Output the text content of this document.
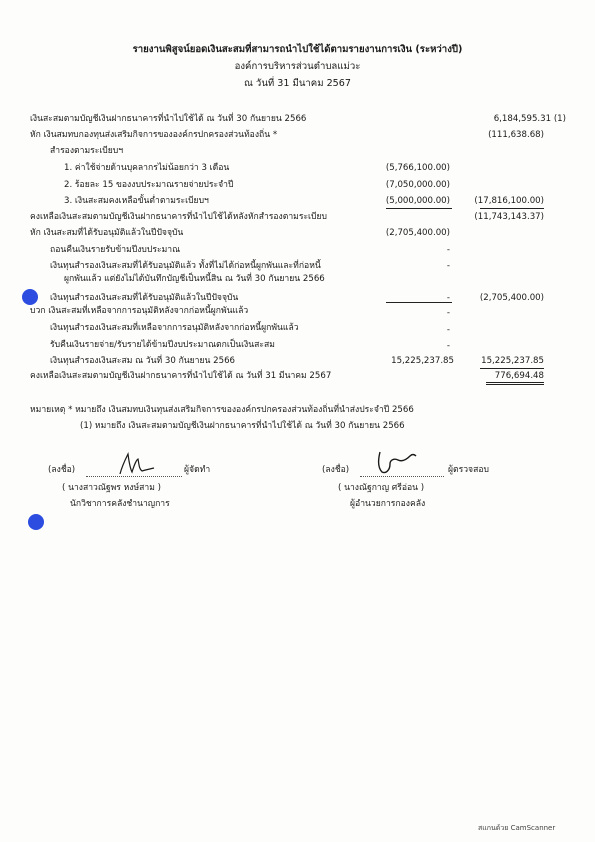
รายงานพิสูจน์ยอดเงินสะสมที่สามารถนำไปใช้ได้ตามรายงานการเงิน (ระหว่างปี)
องค์การบริหารส่วนตำบลแม่วะ
ณ วันที่ 31 มีนาคม 2567
เงินสะสมตามบัญชีเงินฝากธนาคารที่นำไปใช้ได้ ณ วันที่ 30 กันยายน 2566	6,184,595.31 (1)
หัก เงินสมทบกองทุนส่งเสริมกิจการขององค์กรปกครองส่วนท้องถิ่น *	(111,638.68)
สำรองตามระเบียบฯ
1. ค่าใช้จ่ายด้านบุคลากรไม่น้อยกว่า 3 เดือน	(5,766,100.00)
2. ร้อยละ 15 ของงบประมาณรายจ่ายประจำปี	(7,050,000.00)
3. เงินสะสมคงเหลือขั้นต่ำตามระเบียบฯ	(5,000,000.00)	(17,816,100.00)
คงเหลือเงินสะสมตามบัญชีเงินฝากธนาคารที่นำไปใช้ได้หลังหักสำรองตามระเบียบ	(11,743,143.37)
หัก เงินสะสมที่ได้รับอนุมัติแล้วในปีปัจจุบัน	(2,705,400.00)
ถอนคืนเงินรายรับข้ามปีงบประมาณ	-
เงินทุนสำรองเงินสะสมที่ได้รับอนุมัติแล้ว ทั้งที่ไม่ได้ก่อหนี้ผูกพันและที่ก่อหนี้	-
ผูกพันแล้ว แต่ยังไม่ได้บันทึกบัญชีเป็นหนี้สิน ณ วันที่ 30 กันยายน 2566
เงินทุนสำรองเงินสะสมที่ได้รับอนุมัติแล้วในปีปัจจุบัน	-	(2,705,400.00)
บวก เงินสะสมที่เหลือจากการอนุมัติหลังจากก่อหนี้ผูกพันแล้ว	-
เงินทุนสำรองเงินสะสมที่เหลือจากการอนุมัติหลังจากก่อหนี้ผูกพันแล้ว	-
รับคืนเงินรายจ่าย/รับรายได้ข้ามปีงบประมาณตกเป็นเงินสะสม	-
เงินทุนสำรองเงินสะสม ณ วันที่ 30 กันยายน 2566	15,225,237.85	15,225,237.85
คงเหลือเงินสะสมตามบัญชีเงินฝากธนาคารที่นำไปใช้ได้ ณ วันที่ 31 มีนาคม 2567	776,694.48
หมายเหตุ * หมายถึง เงินสมทบเงินทุนส่งเสริมกิจการขององค์กรปกครองส่วนท้องถิ่นที่นำส่งประจำปี 2566
(1) หมายถึง เงินสะสมตามบัญชีเงินฝากธนาคารที่นำไปใช้ได้ ณ วันที่ 30 กันยายน 2566
(ลงชื่อ)	ผู้จัดทำ
( นางสาวณัฐพร หงษ์สาม )
นักวิชาการคลังชำนาญการ
(ลงชื่อ)	ผู้ตรวจสอบ
( นางณัฐกาญ ศรีอ่อน )
ผู้อำนวยการกองคลัง
สแกนด้วย CamScanner
